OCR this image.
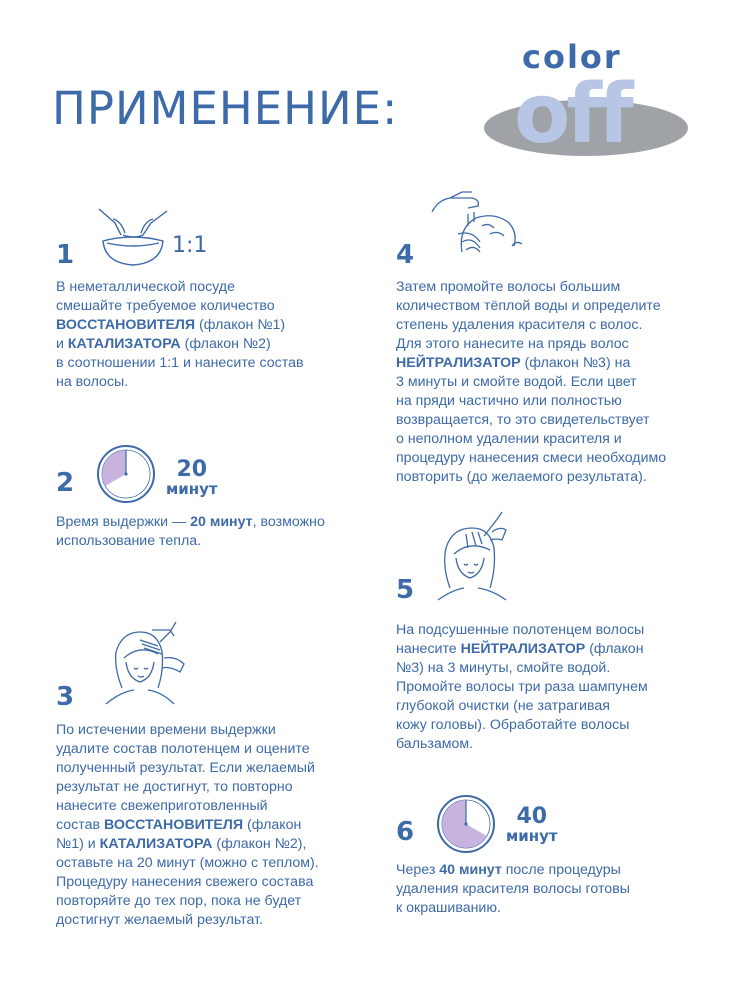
ПРИМЕНЕНИЕ:
color
off
1	1:1
В неметаллической посуде
смешайте требуемое количество
ВОССТАНОВИТЕЛЯ (флакон №1)
и КАТАЛИЗАТОРА (флакон №2)
в соотношении 1:1 и нанесите состав
на волосы.
2	20
минут
Время выдержки — 20 минут, возможно
использование тепла.
3
По истечении времени выдержки
удалите состав полотенцем и оцените
полученный результат. Если желаемый
результат не достигнут, то повторно
нанесите свежеприготовленный
состав ВОССТАНОВИТЕЛЯ (флакон
№1) и КАТАЛИЗАТОРА (флакон №2),
оставьте на 20 минут (можно с теплом).
Процедуру нанесения свежего состава
повторяйте до тех пор, пока не будет
достигнут желаемый результат.
4
Затем промойте волосы большим
количеством тёплой воды и определите
степень удаления красителя с волос.
Для этого нанесите на прядь волос
НЕЙТРАЛИЗАТОР (флакон №3) на
3 минуты и смойте водой. Если цвет
на пряди частично или полностью
возвращается, то это свидетельствует
о неполном удалении красителя и
процедуру нанесения смеси необходимо
повторить (до желаемого результата).
5
На подсушенные полотенцем волосы
нанесите НЕЙТРАЛИЗАТОР (флакон
№3) на 3 минуты, смойте водой.
Промойте волосы три раза шампунем
глубокой очистки (не затрагивая
кожу головы). Обработайте волосы
бальзамом.
6
40
минут
Через 40 минут после процедуры
удаления красителя волосы готовы
к окрашиванию.
